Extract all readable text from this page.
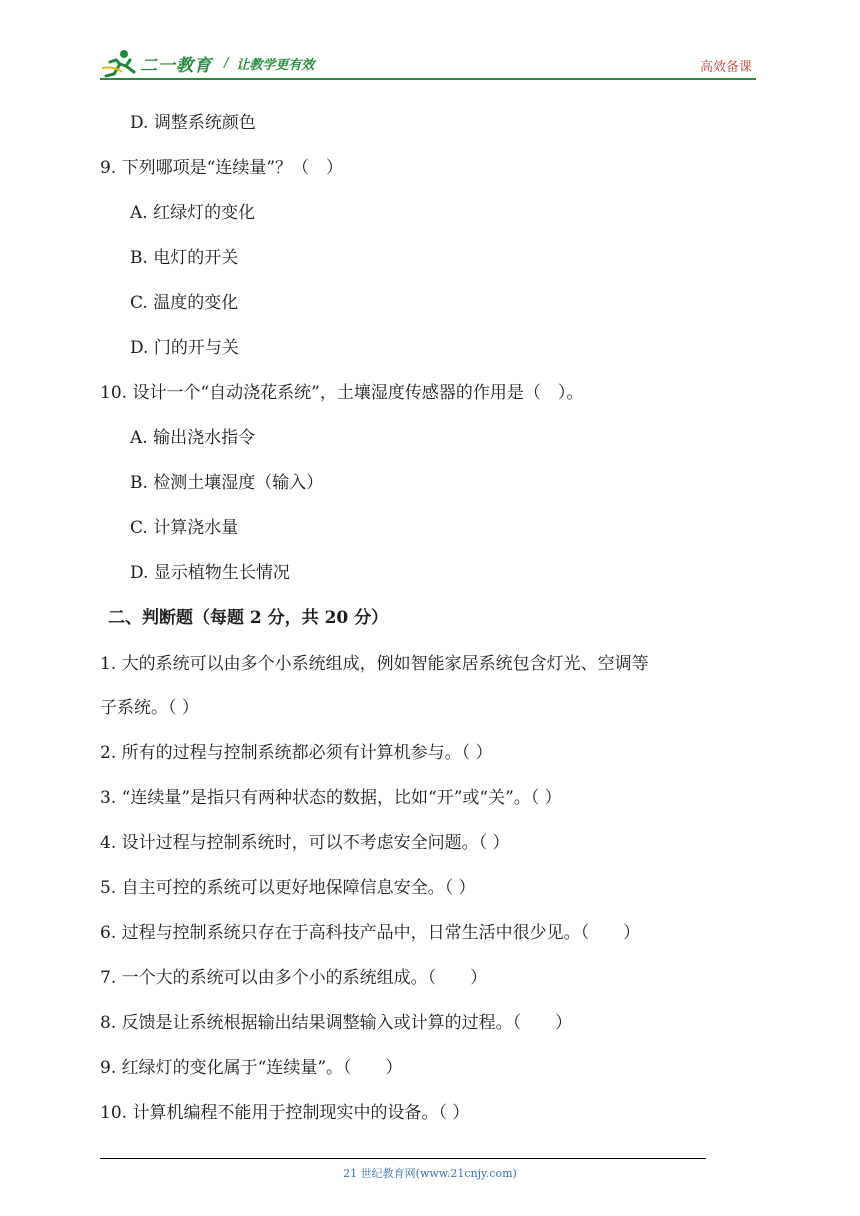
二一教育 / 让教学更有效	高效备课
D. 调整系统颜色
9. 下列哪项是“连续量”？（　）
A. 红绿灯的变化
B. 电灯的开关
C. 温度的变化
D. 门的开与关
10. 设计一个“自动浇花系统”，土壤湿度传感器的作用是（　）。
A. 输出浇水指令
B. 检测土壤湿度（输入）
C. 计算浇水量
D. 显示植物生长情况
二、判断题（每题 2 分，共 20 分）
1. 大的系统可以由多个小系统组成，例如智能家居系统包含灯光、空调等
子系统。（ ）
2. 所有的过程与控制系统都必须有计算机参与。（ ）
3. “连续量”是指只有两种状态的数据，比如“开”或“关”。（ ）
4. 设计过程与控制系统时，可以不考虑安全问题。（ ）
5. 自主可控的系统可以更好地保障信息安全。（ ）
6. 过程与控制系统只存在于高科技产品中，日常生活中很少见。（　　）
7. 一个大的系统可以由多个小的系统组成。（　　）
8. 反馈是让系统根据输出结果调整输入或计算的过程。（　　）
9. 红绿灯的变化属于“连续量”。（　　）
10. 计算机编程不能用于控制现实中的设备。（ ）
21 世纪教育网(www.21cnjy.com)
